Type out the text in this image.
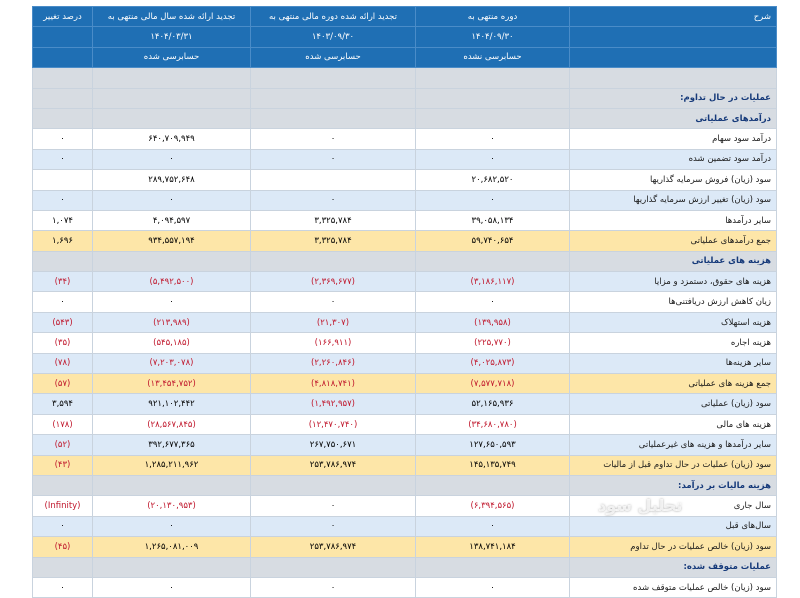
شرح	دوره منتهی به	تجدید ارائه شده دوره مالی منتهی به	تجدید ارائه شده سال مالی منتهی به	درصد تغییر
	۱۴۰۴/۰۹/۳۰	۱۴۰۳/۰۹/۳۰	۱۴۰۴/۰۳/۳۱	
	حسابرسی نشده	حسابرسی شده	حسابرسی شده	

عملیات در حال تداوم:				
درآمدهای عملیاتی				
درآمد سود سهام	۰	۰	۶۴۰,۷۰۹,۹۴۹	۰
درآمد سود تضمین شده	۰	۰	۰	۰
سود (زیان) فروش سرمایه گذاریها	۲۰,۶۸۲,۵۲۰		۲۸۹,۷۵۲,۶۴۸	
سود (زیان) تغییر ارزش سرمایه گذاریها	۰	۰	۰	۰
سایر درآمدها	۳۹,۰۵۸,۱۳۴	۳,۳۲۵,۷۸۴	۴,۰۹۴,۵۹۷	۱,۰۷۴
جمع درآمدهای عملیاتی	۵۹,۷۴۰,۶۵۴	۳,۳۲۵,۷۸۴	۹۳۴,۵۵۷,۱۹۴	۱,۶۹۶
هزینه های عملیاتی				
هزینه های حقوق، دستمزد و مزایا	(۳,۱۸۶,۱۱۷)	(۲,۳۶۹,۶۷۷)	(۵,۴۹۲,۵۰۰)	(۳۴)
زیان کاهش ارزش دریافتنی‌ها	۰	۰	۰	۰
هزینه استهلاک	(۱۳۹,۹۵۸)	(۲۱,۳۰۷)	(۲۱۳,۹۸۹)	(۵۴۳)
هزینه اجاره	(۲۲۵,۷۷۰)	(۱۶۶,۹۱۱)	(۵۴۵,۱۸۵)	(۳۵)
سایر هزینه‌ها	(۴,۰۲۵,۸۷۳)	(۲,۲۶۰,۸۴۶)	(۷,۲۰۳,۰۷۸)	(۷۸)
جمع هزینه های عملیاتی	(۷,۵۷۷,۷۱۸)	(۴,۸۱۸,۷۴۱)	(۱۳,۴۵۴,۷۵۲)	(۵۷)
سود (زیان) عملیاتی	۵۲,۱۶۵,۹۳۶	(۱,۴۹۲,۹۵۷)	۹۲۱,۱۰۲,۴۴۲	۳,۵۹۴
هزینه های مالی	(۳۴,۶۸۰,۷۸۰)	(۱۲,۴۷۰,۷۴۰)	(۲۸,۵۶۷,۸۴۵)	(۱۷۸)
سایر درآمدها و هزینه های غیرعملیاتی	۱۲۷,۶۵۰,۵۹۳	۲۶۷,۷۵۰,۶۷۱	۳۹۲,۶۷۷,۳۶۵	(۵۲)
سود (زیان) عملیات در حال تداوم قبل از مالیات	۱۴۵,۱۳۵,۷۴۹	۲۵۳,۷۸۶,۹۷۴	۱,۲۸۵,۲۱۱,۹۶۲	(۴۳)
هزینه مالیات بر درآمد:				
سال جاری	(۶,۳۹۴,۵۶۵)	۰	(۲۰,۱۳۰,۹۵۳)	(Infinity)
سال‌های قبل	۰	۰	۰	۰
سود (زیان) خالص عملیات در حال تداوم	۱۳۸,۷۴۱,۱۸۴	۲۵۳,۷۸۶,۹۷۴	۱,۲۶۵,۰۸۱,۰۰۹	(۴۵)
عملیات متوقف شده:				
سود (زیان) خالص عملیات متوقف شده	۰	۰	۰	۰
تحلیل سود
